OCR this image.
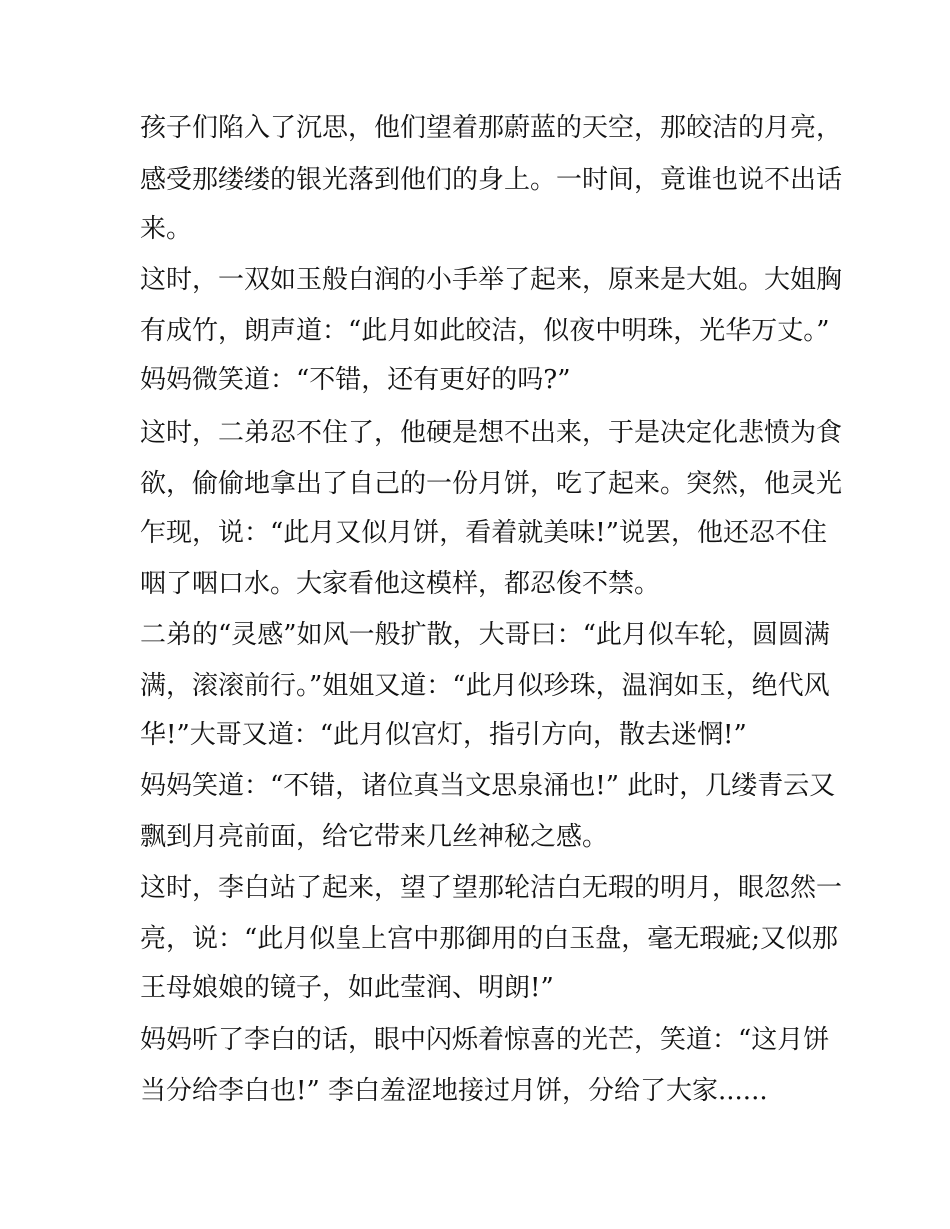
孩子们陷入了沉思，他们望着那蔚蓝的天空，那皎洁的月亮，
感受那缕缕的银光落到他们的身上。一时间，竟谁也说不出话
来。
这时，一双如玉般白润的小手举了起来，原来是大姐。大姐胸
有成竹，朗声道：“此月如此皎洁，似夜中明珠，光华万丈。”
妈妈微笑道：“不错，还有更好的吗?”
这时，二弟忍不住了，他硬是想不出来，于是决定化悲愤为食
欲，偷偷地拿出了自己的一份月饼，吃了起来。突然，他灵光
乍现，说：“此月又似月饼，看着就美味!”说罢，他还忍不住
咽了咽口水。大家看他这模样，都忍俊不禁。
二弟的“灵感”如风一般扩散，大哥曰：“此月似车轮，圆圆满
满，滚滚前行。”姐姐又道：“此月似珍珠，温润如玉，绝代风
华!”大哥又道：“此月似宫灯，指引方向，散去迷惘!”
妈妈笑道：“不错，诸位真当文思泉涌也!” 此时，几缕青云又
飘到月亮前面，给它带来几丝神秘之感。
这时，李白站了起来，望了望那轮洁白无瑕的明月，眼忽然一
亮，说：“此月似皇上宫中那御用的白玉盘，毫无瑕疵;又似那
王母娘娘的镜子，如此莹润、明朗!”
妈妈听了李白的话，眼中闪烁着惊喜的光芒，笑道：“这月饼
当分给李白也!” 李白羞涩地接过月饼，分给了大家......
